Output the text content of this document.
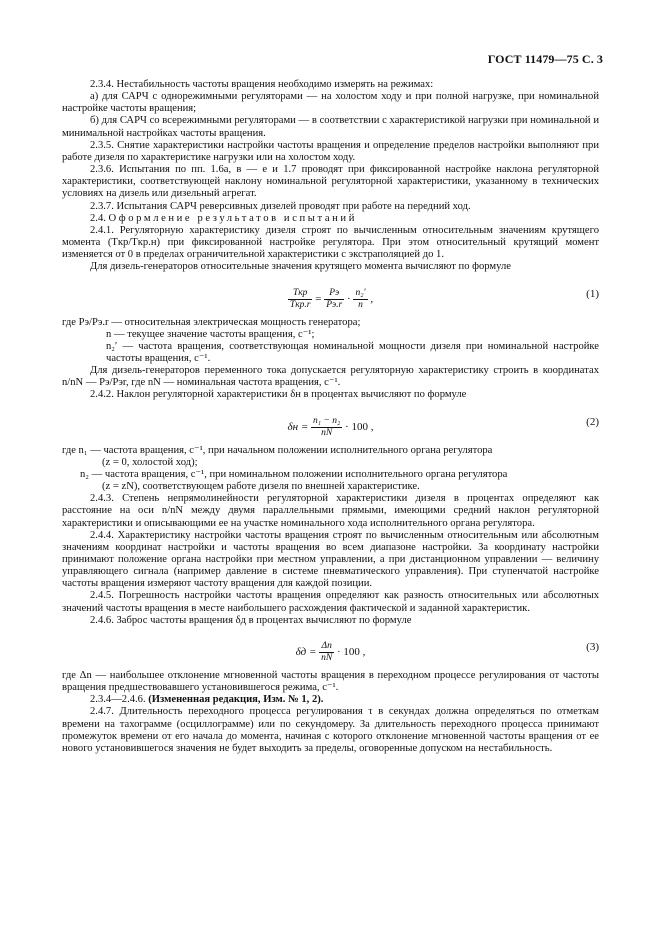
ГОСТ 11479—75 С. 3

2.3.4. Нестабильность частоты вращения необходимо измерять на режимах:

а) для САРЧ с однорежимными регуляторами — на холостом ходу и при полной нагрузке, при номинальной настройке частоты вращения;

б) для САРЧ со всережимными регуляторами — в соответствии с характеристикой нагрузки при номинальной и минимальной настройках частоты вращения.

2.3.5. Снятие характеристики настройки частоты вращения и определение пределов настройки выполняют при работе дизеля по характеристике нагрузки или на холостом ходу.

2.3.6. Испытания по пп. 1.6а, в — е и 1.7 проводят при фиксированной настройке наклона регуляторной характеристики, соответствующей наклону номинальной регуляторной характеристики, указанному в технических условиях на дизель или дизельный агрегат.

2.3.7. Испытания САРЧ реверсивных дизелей проводят при работе на передний ход.

2.4. Оформление результатов испытаний

2.4.1. Регуляторную характеристику дизеля строят по вычисленным относительным значениям крутящего момента (Tкр/Tкр.н) при фиксированной настройке регулятора. При этом относительный крутящий момент изменяется от 0 в пределах ограничительной характеристики с экстраполяцией до 1.

Для дизель-генераторов относительные значения крутящего момента вычисляют по формуле

$\frac{\text{Tкр}}{\text{Tкр.r}} = \frac{Pэ}{Pэ.r} \cdot \frac{\text{n₂′}}{n}$ ,	(1)

где Pэ/Pэ.r — относительная электрическая мощность генератора;

n — текущее значение частоты вращения, с⁻¹;

n₂′ — частота вращения, соответствующая номинальной мощности дизеля при номинальной настройке частоты вращения, с⁻¹.

Для дизель-генераторов переменного тока допускается регуляторную характеристику строить в координатах n/nN — Pэ/Pэr, где nN — номинальная частота вращения, с⁻¹.

2.4.2. Наклон регуляторной характеристики δн в процентах вычисляют по формуле

$\delta н = \frac{\text{n₁ − n₂}}{nN} \cdot 100$ ,	(2)

где n₁ — частота вращения, с⁻¹, при начальном положении исполнительного органа регулятора

(z = 0, холостой ход);

n₂ — частота вращения, с⁻¹, при номинальном положении исполнительного органа регулятора

(z = zN), соответствующем работе дизеля по внешней характеристике.

2.4.3. Степень непрямолинейности регуляторной характеристики дизеля в процентах определяют как расстояние на оси n/nN между двумя параллельными прямыми, имеющими средний наклон регуляторной характеристики и описывающими ее на участке номинального хода исполнительного органа регулятора.

2.4.4. Характеристику настройки частоты вращения строят по вычисленным относительным или абсолютным значениям координат настройки и частоты вращения во всем диапазоне настройки. За координату настройки принимают положение органа настройки при местном управлении, а при дистанционном управлении — величину управляющего сигнала (например давление в системе пневматического управления). При ступенчатой настройке частоты вращения измеряют частоту вращения для каждой позиции.

2.4.5. Погрешность настройки частоты вращения определяют как разность относительных или абсолютных значений частоты вращения в месте наибольшего расхождения фактической и заданной характеристик.

2.4.6. Заброс частоты вращения δд в процентах вычисляют по формуле

$\delta д = \frac{\Delta n}{nN} \cdot 100$ ,	(3)

где Δn — наибольшее отклонение мгновенной частоты вращения в переходном процессе регулирования от частоты вращения предшествовавшего установившегося режима, с⁻¹.

2.3.4—2.4.6. (Измененная редакция, Изм. № 1, 2).

2.4.7. Длительность переходного процесса регулирования τ в секундах должна определяться по отметкам времени на тахограмме (осциллограмме) или по секундомеру. За длительность переходного процесса принимают промежуток времени от его начала до момента, начиная с которого отклонение мгновенной частоты вращения от ее нового установившегося значения не будет выходить за пределы, оговоренные допуском на нестабильность.
